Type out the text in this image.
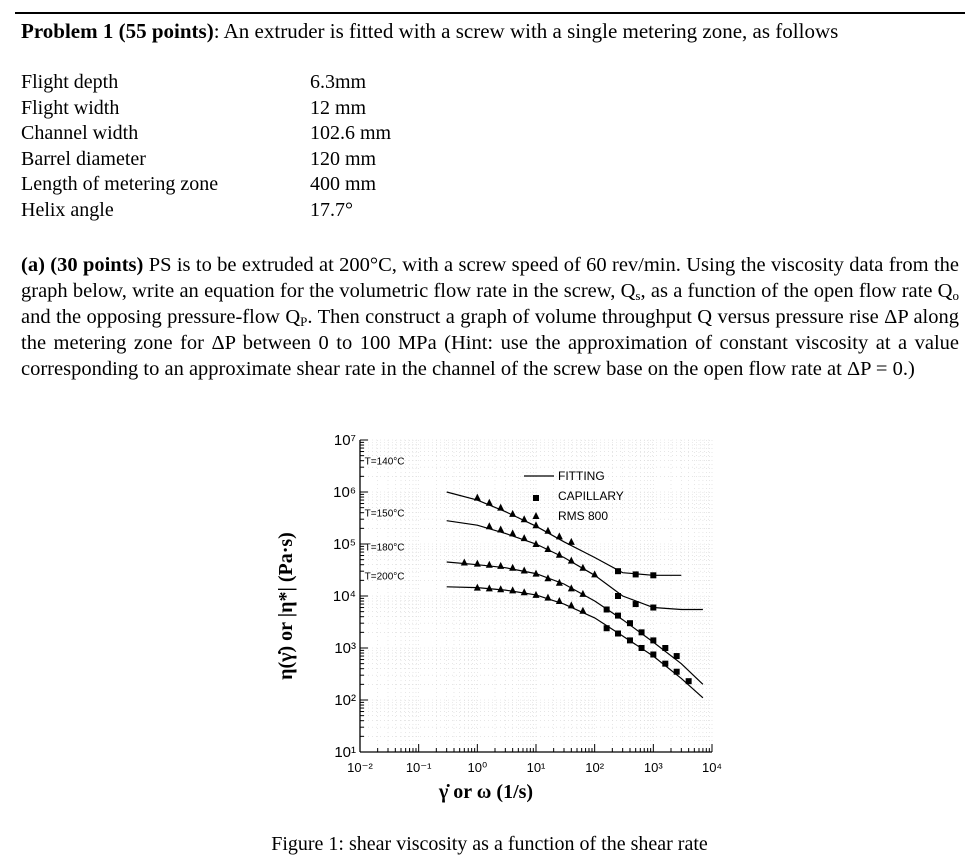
Problem 1 (55 points): An extruder is fitted with a screw with a single metering zone, as follows
Flight depth	6.3mm
Flight width	12 mm
Channel width	102.6 mm
Barrel diameter	120 mm
Length of metering zone	400 mm
Helix angle	17.7°
(a) (30 points) PS is to be extruded at 200°C, with a screw speed of 60 rev/min. Using the viscosity data from the graph below, write an equation for the volumetric flow rate in the screw, $Q_s$, as a function of the open flow rate $Q_o$ and the opposing pressure-flow $Q_P$. Then construct a graph of volume throughput Q versus pressure rise ΔP along the metering zone for ΔP between 0 to 100 MPa (Hint: use the approximation of constant viscosity at a value corresponding to an approximate shear rate in the channel of the screw base on the open flow rate at ΔP = 0.)
10⁻²	10⁻¹	10⁰	10¹	10²	10³	10⁴
10¹
10²
10³
10⁴
10⁵
10⁶
10⁷
γ̇ or ω (1/s)
η(γ̇) or |η*| (Pa·s)
T=140°C
T=150°C
T=180°C
T=200°C
FITTING
CAPILLARY
RMS 800
Figure 1: shear viscosity as a function of the shear rate
